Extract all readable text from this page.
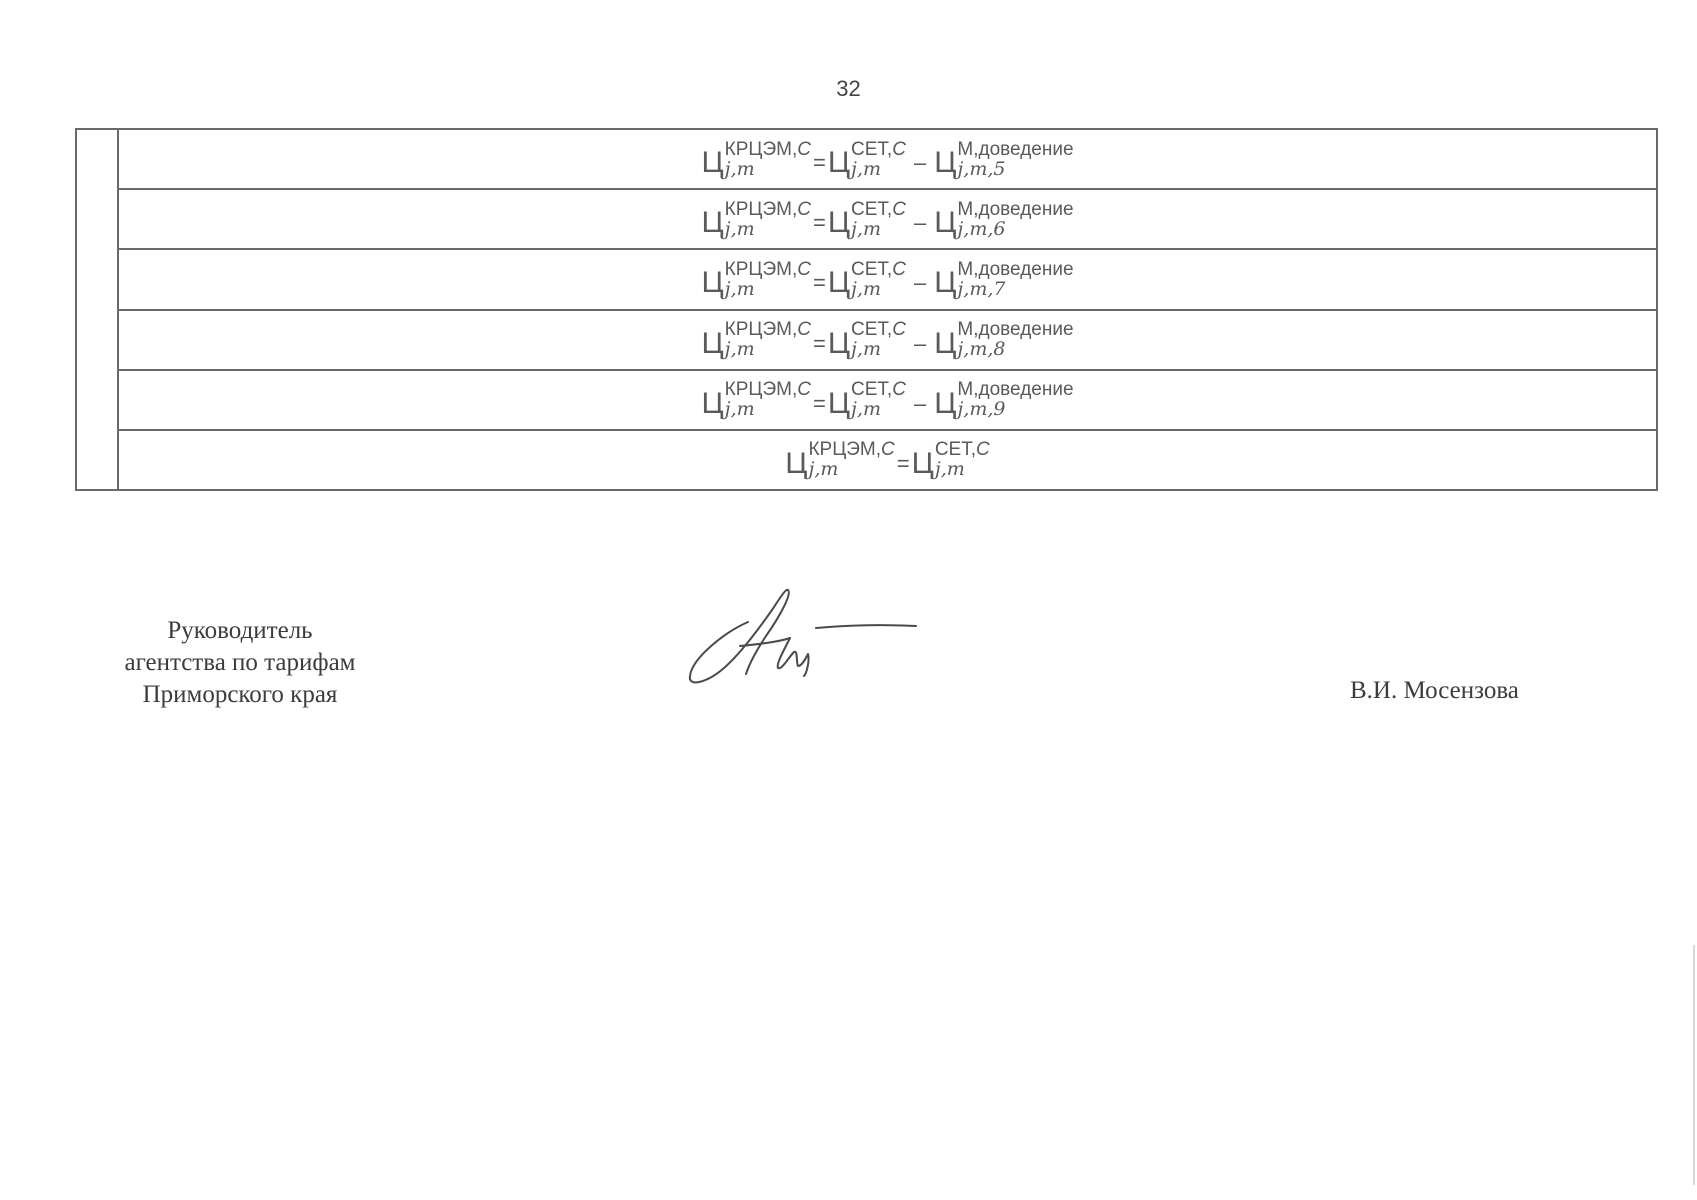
32
Ц КРЦЭМ,C
j,m	= Ц СЕТ,C
j,m – Ц М,доведение
j,m,5
Ц КРЦЭМ,C
j,m	= Ц СЕТ,C
j,m – Ц М,доведение
j,m,6
Ц КРЦЭМ,C
j,m	= Ц СЕТ,C
j,m – Ц М,доведение
j,m,7
Ц КРЦЭМ,C
j,m	= Ц СЕТ,C
j,m – Ц М,доведение
j,m,8
Ц КРЦЭМ,C
j,m	= Ц СЕТ,C
j,m – Ц М,доведение
j,m,9
Ц КРЦЭМ,C
j,m	= Ц СЕТ,C
j,m
Руководитель
агентства по тарифам
Приморского края	В.И. Мосензова
